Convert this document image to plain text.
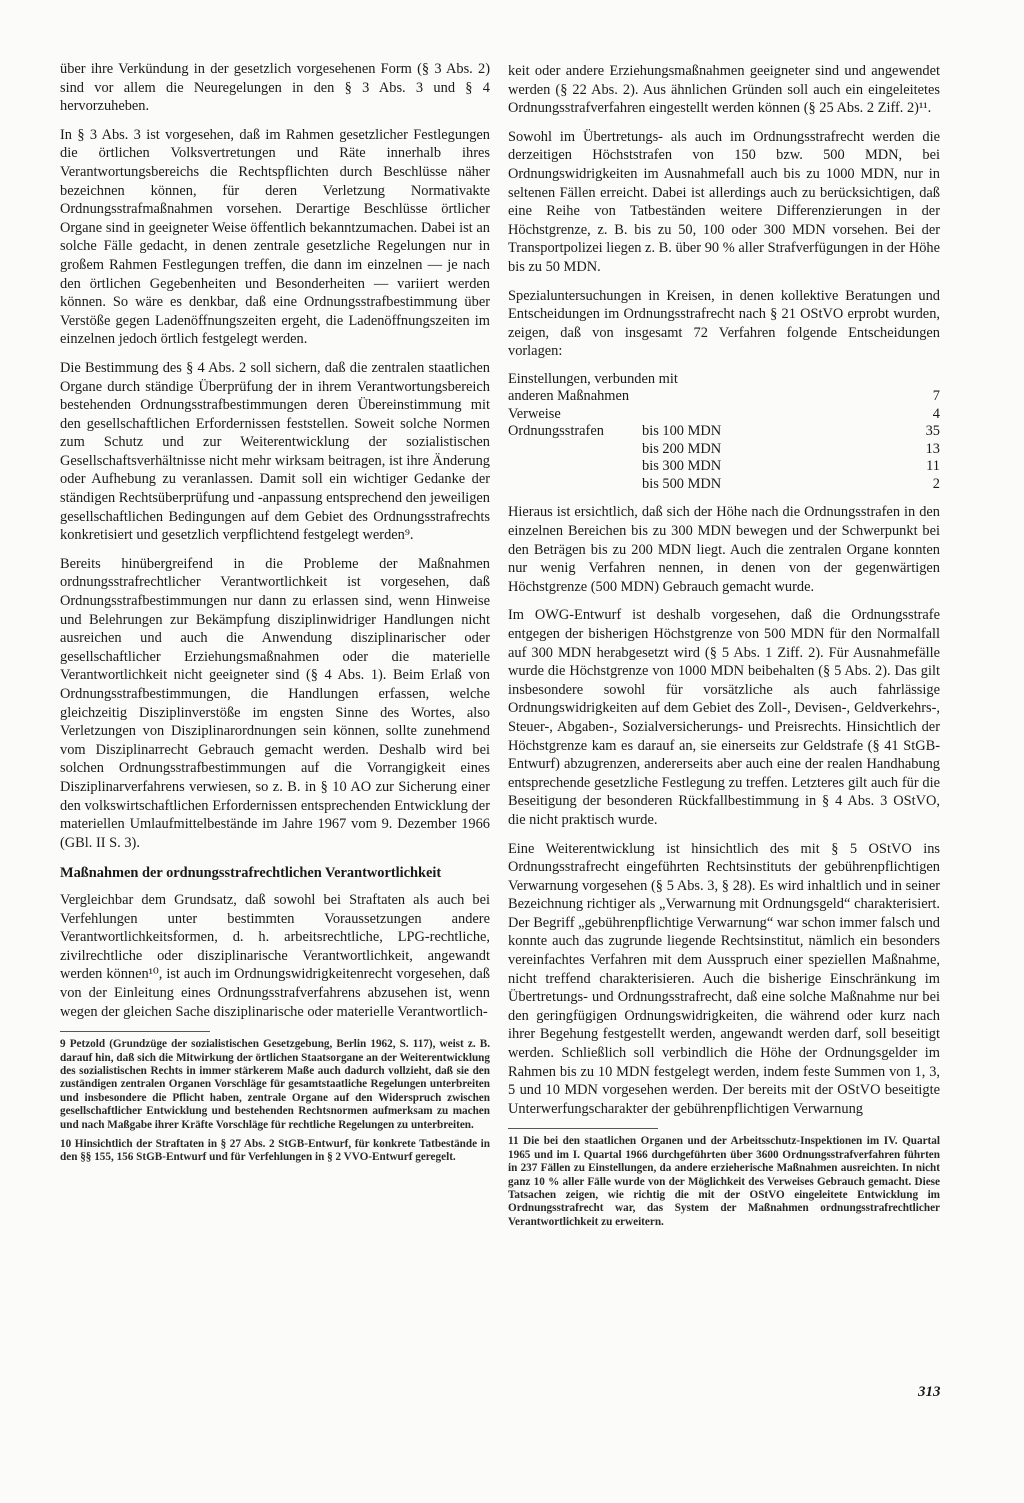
über ihre Verkündung in der gesetzlich vorgesehenen Form (§ 3 Abs. 2) sind vor allem die Neuregelungen in den § 3 Abs. 3 und § 4 hervorzuheben.

In § 3 Abs. 3 ist vorgesehen, daß im Rahmen gesetzlicher Festlegungen die örtlichen Volksvertretungen und Räte innerhalb ihres Verantwortungsbereichs die Rechtspflichten durch Beschlüsse näher bezeichnen können, für deren Verletzung Normativakte Ordnungsstrafmaßnahmen vorsehen. Derartige Beschlüsse örtlicher Organe sind in geeigneter Weise öffentlich bekanntzumachen. Dabei ist an solche Fälle gedacht, in denen zentrale gesetzliche Regelungen nur in großem Rahmen Festlegungen treffen, die dann im einzelnen — je nach den örtlichen Gegebenheiten und Besonderheiten — variiert werden können. So wäre es denkbar, daß eine Ordnungsstrafbestimmung über Verstöße gegen Ladenöffnungszeiten ergeht, die Ladenöffnungszeiten im einzelnen jedoch örtlich festgelegt werden.

Die Bestimmung des § 4 Abs. 2 soll sichern, daß die zentralen staatlichen Organe durch ständige Überprüfung der in ihrem Verantwortungsbereich bestehenden Ordnungsstrafbestimmungen deren Übereinstimmung mit den gesellschaftlichen Erfordernissen feststellen. Soweit solche Normen zum Schutz und zur Weiterentwicklung der sozialistischen Gesellschaftsverhältnisse nicht mehr wirksam beitragen, ist ihre Änderung oder Aufhebung zu veranlassen. Damit soll ein wichtiger Gedanke der ständigen Rechtsüberprüfung und -anpassung entsprechend den jeweiligen gesellschaftlichen Bedingungen auf dem Gebiet des Ordnungsstrafrechts konkretisiert und gesetzlich verpflichtend festgelegt werden⁹.

Bereits hinübergreifend in die Probleme der Maßnahmen ordnungsstrafrechtlicher Verantwortlichkeit ist vorgesehen, daß Ordnungsstrafbestimmungen nur dann zu erlassen sind, wenn Hinweise und Belehrungen zur Bekämpfung disziplinwidriger Handlungen nicht ausreichen und auch die Anwendung disziplinarischer oder gesellschaftlicher Erziehungsmaßnahmen oder die materielle Verantwortlichkeit nicht geeigneter sind (§ 4 Abs. 1). Beim Erlaß von Ordnungsstrafbestimmungen, die Handlungen erfassen, welche gleichzeitig Disziplinverstöße im engsten Sinne des Wortes, also Verletzungen von Disziplinarordnungen sein können, sollte zunehmend vom Disziplinarrecht Gebrauch gemacht werden. Deshalb wird bei solchen Ordnungsstrafbestimmungen auf die Vorrangigkeit eines Disziplinarverfahrens verwiesen, so z. B. in § 10 AO zur Sicherung einer den volkswirtschaftlichen Erfordernissen entsprechenden Entwicklung der materiellen Umlaufmittelbestände im Jahre 1967 vom 9. Dezember 1966 (GBl. II S. 3).

Maßnahmen der ordnungsstrafrechtlichen Verantwortlichkeit

Vergleichbar dem Grundsatz, daß sowohl bei Straftaten als auch bei Verfehlungen unter bestimmten Voraussetzungen andere Verantwortlichkeitsformen, d. h. arbeitsrechtliche, LPG-rechtliche, zivilrechtliche oder disziplinarische Verantwortlichkeit, angewandt werden können¹⁰, ist auch im Ordnungswidrigkeitenrecht vorgesehen, daß von der Einleitung eines Ordnungsstrafverfahrens abzusehen ist, wenn wegen der gleichen Sache disziplinarische oder materielle Verantwortlich-

9 Petzold (Grundzüge der sozialistischen Gesetzgebung, Berlin 1962, S. 117), weist z. B. darauf hin, daß sich die Mitwirkung der örtlichen Staatsorgane an der Weiterentwicklung des sozialistischen Rechts in immer stärkerem Maße auch dadurch vollzieht, daß sie den zuständigen zentralen Organen Vorschläge für gesamtstaatliche Regelungen unterbreiten und insbesondere die Pflicht haben, zentrale Organe auf den Widerspruch zwischen gesellschaftlicher Entwicklung und bestehenden Rechtsnormen aufmerksam zu machen und nach Maßgabe ihrer Kräfte Vorschläge für rechtliche Regelungen zu unterbreiten.

10 Hinsichtlich der Straftaten in § 27 Abs. 2 StGB-Entwurf, für konkrete Tatbestände in den §§ 155, 156 StGB-Entwurf und für Verfehlungen in § 2 VVO-Entwurf geregelt.

keit oder andere Erziehungsmaßnahmen geeigneter sind und angewendet werden (§ 22 Abs. 2). Aus ähnlichen Gründen soll auch ein eingeleitetes Ordnungsstrafverfahren eingestellt werden können (§ 25 Abs. 2 Ziff. 2)¹¹.

Sowohl im Übertretungs- als auch im Ordnungsstrafrecht werden die derzeitigen Höchststrafen von 150 bzw. 500 MDN, bei Ordnungswidrigkeiten im Ausnahmefall auch bis zu 1000 MDN, nur in seltenen Fällen erreicht. Dabei ist allerdings auch zu berücksichtigen, daß eine Reihe von Tatbeständen weitere Differenzierungen in der Höchstgrenze, z. B. bis zu 50, 100 oder 300 MDN vorsehen. Bei der Transportpolizei liegen z. B. über 90 % aller Strafverfügungen in der Höhe bis zu 50 MDN.

Spezialuntersuchungen in Kreisen, in denen kollektive Beratungen und Entscheidungen im Ordnungsstrafrecht nach § 21 OStVO erprobt wurden, zeigen, daß von insgesamt 72 Verfahren folgende Entscheidungen vorlagen:

Einstellungen, verbunden mit		
anderen Maßnahmen		7
Verweise		4
Ordnungsstrafen	bis 100 MDN	35
	bis 200 MDN	13
	bis 300 MDN	11
	bis 500 MDN	2

Hieraus ist ersichtlich, daß sich der Höhe nach die Ordnungsstrafen in den einzelnen Bereichen bis zu 300 MDN bewegen und der Schwerpunkt bei den Beträgen bis zu 200 MDN liegt. Auch die zentralen Organe konnten nur wenig Verfahren nennen, in denen von der gegenwärtigen Höchstgrenze (500 MDN) Gebrauch gemacht wurde.

Im OWG-Entwurf ist deshalb vorgesehen, daß die Ordnungsstrafe entgegen der bisherigen Höchstgrenze von 500 MDN für den Normalfall auf 300 MDN herabgesetzt wird (§ 5 Abs. 1 Ziff. 2). Für Ausnahmefälle wurde die Höchstgrenze von 1000 MDN beibehalten (§ 5 Abs. 2). Das gilt insbesondere sowohl für vorsätzliche als auch fahrlässige Ordnungswidrigkeiten auf dem Gebiet des Zoll-, Devisen-, Geldverkehrs-, Steuer-, Abgaben-, Sozialversicherungs- und Preisrechts. Hinsichtlich der Höchstgrenze kam es darauf an, sie einerseits zur Geldstrafe (§ 41 StGB-Entwurf) abzugrenzen, andererseits aber auch eine der realen Handhabung entsprechende gesetzliche Festlegung zu treffen. Letzteres gilt auch für die Beseitigung der besonderen Rückfallbestimmung in § 4 Abs. 3 OStVO, die nicht praktisch wurde.

Eine Weiterentwicklung ist hinsichtlich des mit § 5 OStVO ins Ordnungsstrafrecht eingeführten Rechtsinstituts der gebührenpflichtigen Verwarnung vorgesehen (§ 5 Abs. 3, § 28). Es wird inhaltlich und in seiner Bezeichnung richtiger als „Verwarnung mit Ordnungsgeld“ charakterisiert. Der Begriff „gebührenpflichtige Verwarnung“ war schon immer falsch und konnte auch das zugrunde liegende Rechtsinstitut, nämlich ein besonders vereinfachtes Verfahren mit dem Ausspruch einer speziellen Maßnahme, nicht treffend charakterisieren. Auch die bisherige Einschränkung im Übertretungs- und Ordnungsstrafrecht, daß eine solche Maßnahme nur bei den geringfügigen Ordnungswidrigkeiten, die während oder kurz nach ihrer Begehung festgestellt werden, angewandt werden darf, soll beseitigt werden. Schließlich soll verbindlich die Höhe der Ordnungsgelder im Rahmen bis zu 10 MDN festgelegt werden, indem feste Summen von 1, 3, 5 und 10 MDN vorgesehen werden. Der bereits mit der OStVO beseitigte Unterwerfungscharakter der gebührenpflichtigen Verwarnung

11 Die bei den staatlichen Organen und der Arbeitsschutz-Inspektionen im IV. Quartal 1965 und im I. Quartal 1966 durchgeführten über 3600 Ordnungsstrafverfahren führten in 237 Fällen zu Einstellungen, da andere erzieherische Maßnahmen ausreichten. In nicht ganz 10 % aller Fälle wurde von der Möglichkeit des Verweises Gebrauch gemacht. Diese Tatsachen zeigen, wie richtig die mit der OStVO eingeleitete Entwicklung im Ordnungsstrafrecht war, das System der Maßnahmen ordnungsstrafrechtlicher Verantwortlichkeit zu erweitern.

313
